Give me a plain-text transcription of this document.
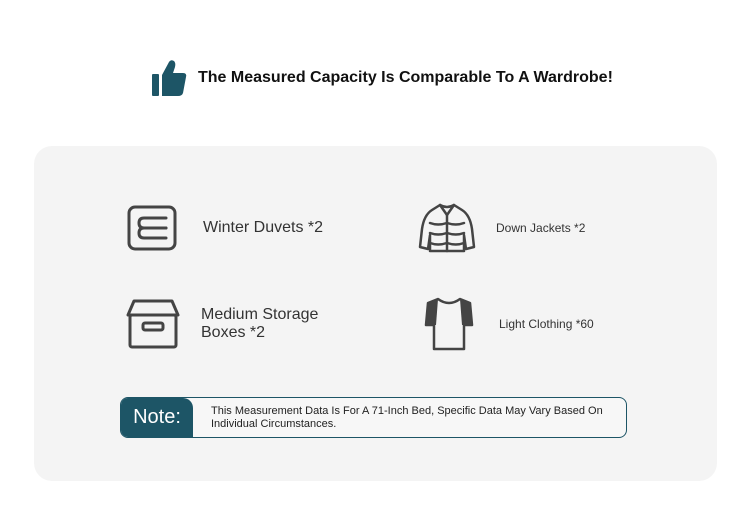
The Measured Capacity Is Comparable To A Wardrobe!
Winter Duvets *2	Down Jackets *2
Medium Storage Boxes *2	Light Clothing *60
Note:	This Measurement Data Is For A 71-Inch Bed, Specific Data May Vary Based On Individual Circumstances.
